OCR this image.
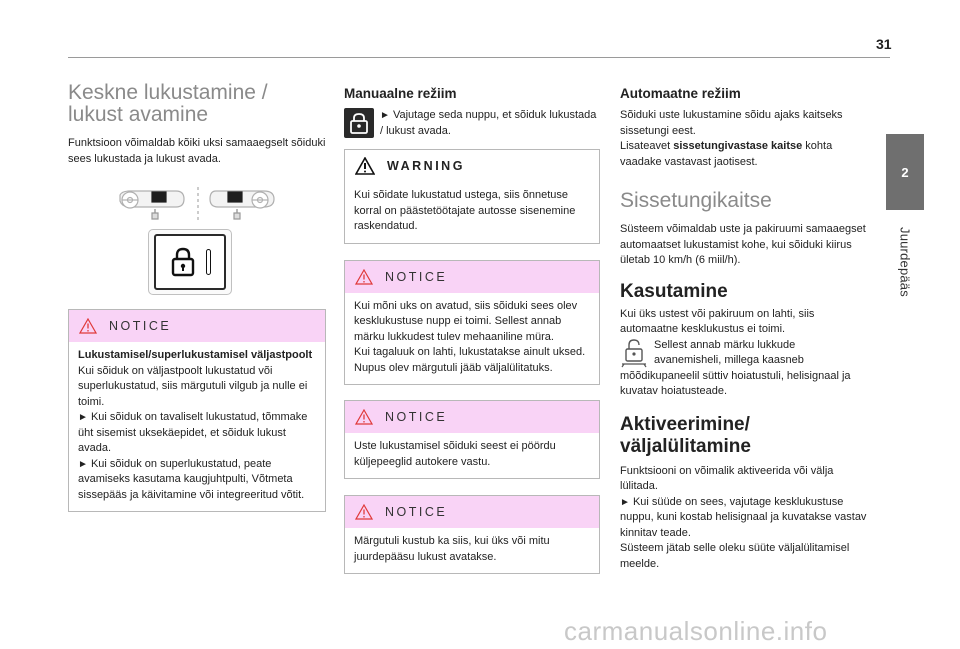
31
2
Juurdepääs
Keskne lukustamine /
lukust avamine
Funktsioon võimaldab kõiki uksi samaaegselt sõiduki sees lukustada ja lukust avada.
NOTICE
Lukustamisel/superlukustamisel väljastpoolt
Kui sõiduk on väljastpoolt lukustatud või superlukustatud, siis märgutuli vilgub ja nulle ei toimi.
► Kui sõiduk on tavaliselt lukustatud, tõmmake üht sisemist uksekäepidet, et sõiduk lukust avada.
► Kui sõiduk on superlukustatud, peate avamiseks kasutama kaugjuhtpulti, Võtmeta sissepääs ja käivitamine või integreeritud võtit.
Manuaalne režiim
► Vajutage seda nuppu, et sõiduk lukustada / lukust avada.
WARNING
Kui sõidate lukustatud ustega, siis õnnetuse korral on päästetöötajate autosse sisenemine raskendatud.
NOTICE
Kui mõni uks on avatud, siis sõiduki sees olev kesklukustuse nupp ei toimi. Sellest annab märku lukkudest tulev mehaaniline müra.
Kui tagaluuk on lahti, lukustatakse ainult uksed. Nupus olev märgutuli jääb väljalülitatuks.
NOTICE
Uste lukustamisel sõiduki seest ei pöördu küljepeeglid autokere vastu.
NOTICE
Märgutuli kustub ka siis, kui üks või mitu juurdepääsu lukust avatakse.
Automaatne režiim
Sõiduki uste lukustamine sõidu ajaks kaitseks sissetungi eest.
Lisateavet sissetungivastase kaitse kohta vaadake vastavast jaotisest.
Sissetungikaitse
Süsteem võimaldab uste ja pakiruumi samaaegset automaatset lukustamist kohe, kui sõiduki kiirus ületab 10 km/h (6 miil/h).
Kasutamine
Kui üks ustest või pakiruum on lahti, siis automaatne kesklukustus ei toimi.
Sellest annab märku lukkude
avanemisheli, millega kaasneb
mõõdikupaneelil süttiv hoiatustuli, helisignaal ja kuvatav hoiatusteade.
Aktiveerimine/
väljalülitamine
Funktsiooni on võimalik aktiveerida või välja lülitada.
► Kui süüde on sees, vajutage kesklukustuse nuppu, kuni kostab helisignaal ja kuvatakse vastav kinnitav teade.
Süsteem jätab selle oleku süüte väljalülitamisel meelde.
carmanualsonline.info
